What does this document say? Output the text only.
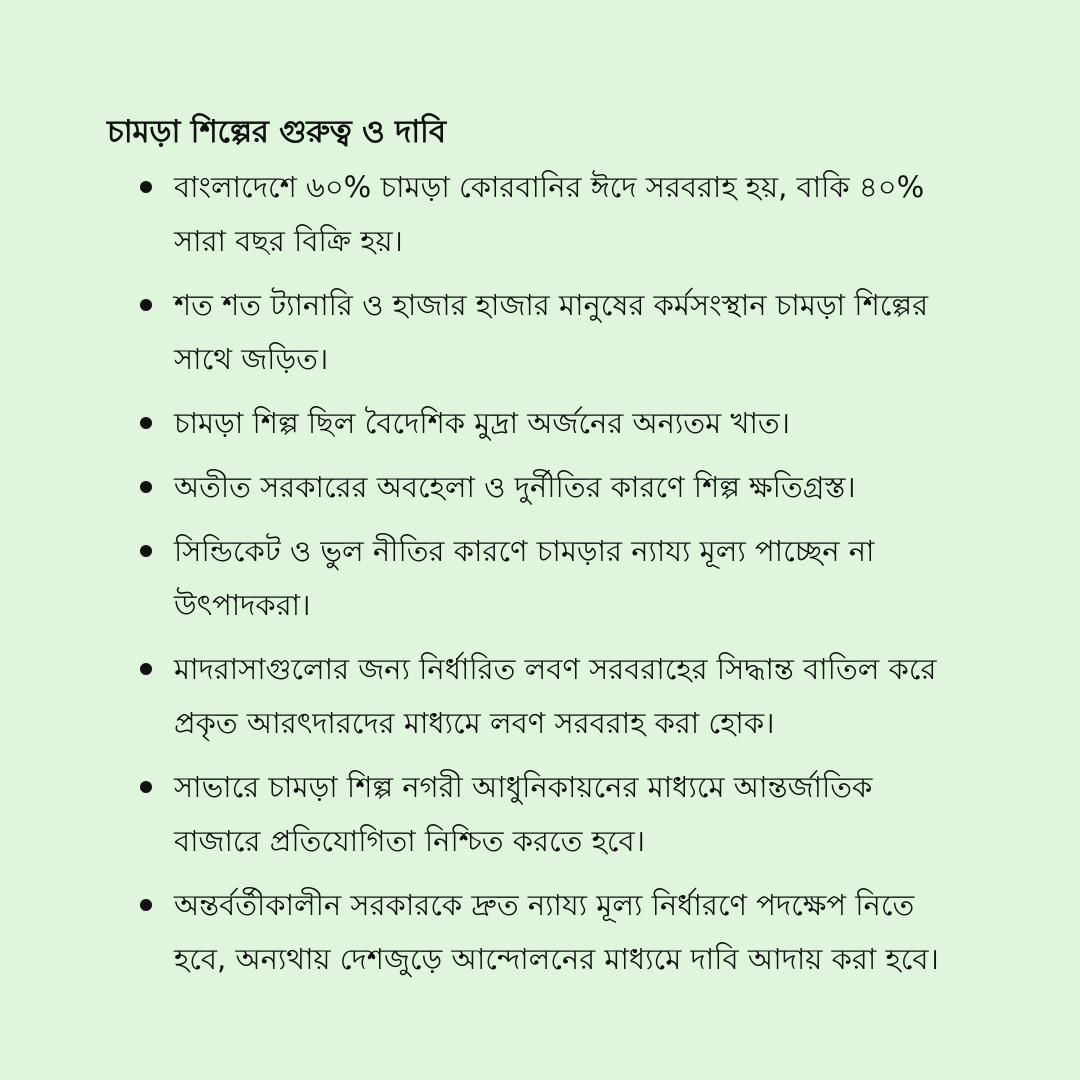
চামড়া শিল্পের গুরুত্ব ও দাবি
বাংলাদেশে ৬০% চামড়া কোরবানির ঈদে সরবরাহ হয়, বাকি ৪০% সারা বছর বিক্রি হয়।
শত শত ট্যানারি ও হাজার হাজার মানুষের কর্মসংস্থান চামড়া শিল্পের সাথে জড়িত।
চামড়া শিল্প ছিল বৈদেশিক মুদ্রা অর্জনের অন্যতম খাত।
অতীত সরকারের অবহেলা ও দুর্নীতির কারণে শিল্প ক্ষতিগ্রস্ত।
সিন্ডিকেট ও ভুল নীতির কারণে চামড়ার ন্যায্য মূল্য পাচ্ছেন না উৎপাদকরা।
মাদরাসাগুলোর জন্য নির্ধারিত লবণ সরবরাহের সিদ্ধান্ত বাতিল করে প্রকৃত আরৎদারদের মাধ্যমে লবণ সরবরাহ করা হোক।
সাভারে চামড়া শিল্প নগরী আধুনিকায়নের মাধ্যমে আন্তর্জাতিক বাজারে প্রতিযোগিতা নিশ্চিত করতে হবে।
অন্তর্বর্তীকালীন সরকারকে দ্রুত ন্যায্য মূল্য নির্ধারণে পদক্ষেপ নিতে হবে, অন্যথায় দেশজুড়ে আন্দোলনের মাধ্যমে দাবি আদায় করা হবে।
